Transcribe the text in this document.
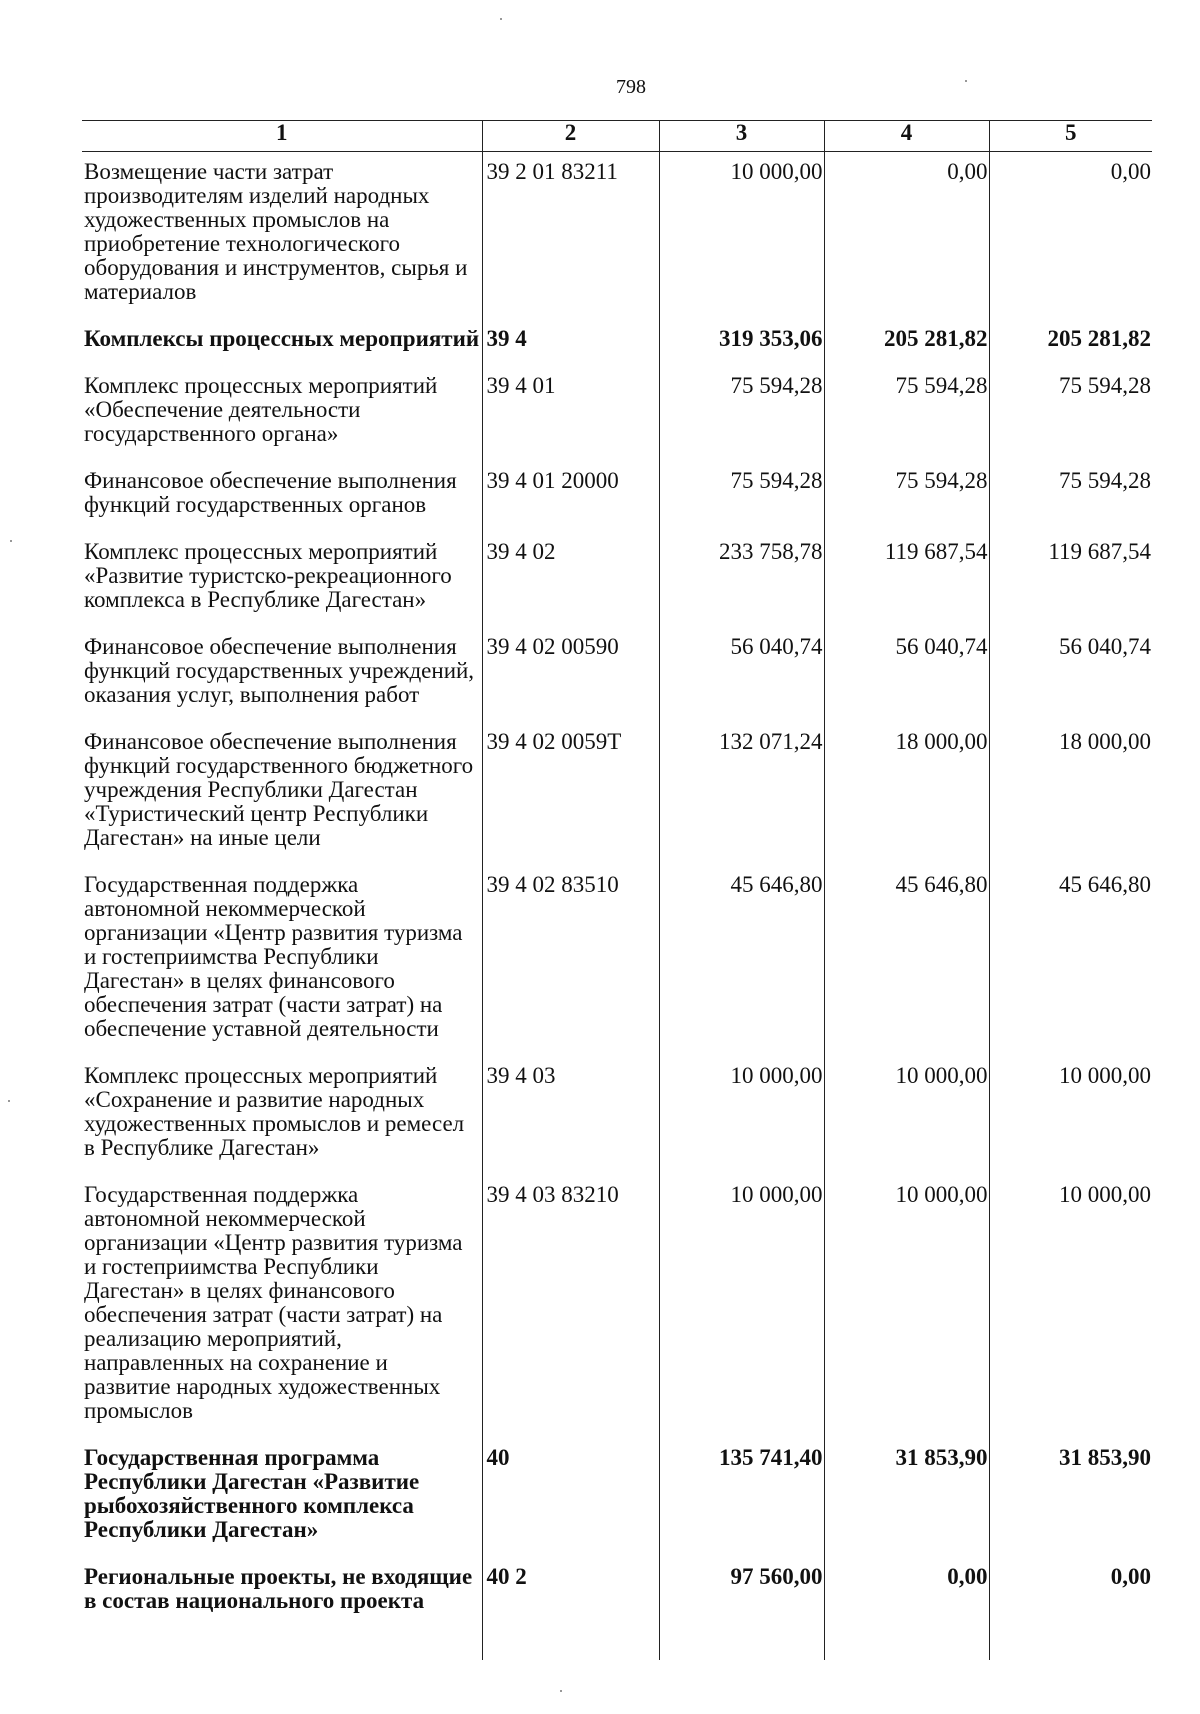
798
1	2	3	4	5
Возмещение части затрат производителям изделий народных художественных промыслов на приобретение технологического оборудования и инструментов, сырья и материалов	39 2 01 83211	10 000,00	0,00	0,00
Комплексы процессных мероприятий	39 4	319 353,06	205 281,82	205 281,82
Комплекс процессных мероприятий «Обеспечение деятельности государственного органа»	39 4 01	75 594,28	75 594,28	75 594,28
Финансовое обеспечение выполнения функций государственных органов	39 4 01 20000	75 594,28	75 594,28	75 594,28
Комплекс процессных мероприятий «Развитие туристско-рекреационного комплекса в Республике Дагестан»	39 4 02	233 758,78	119 687,54	119 687,54
Финансовое обеспечение выполнения функций государственных учреждений, оказания услуг, выполнения работ	39 4 02 00590	56 040,74	56 040,74	56 040,74
Финансовое обеспечение выполнения функций государственного бюджетного учреждения Республики Дагестан «Туристический центр Республики Дагестан» на иные цели	39 4 02 0059Т	132 071,24	18 000,00	18 000,00
Государственная поддержка автономной некоммерческой организации «Центр развития туризма и гостеприимства Республики Дагестан» в целях финансового обеспечения затрат (части затрат) на обеспечение уставной деятельности	39 4 02 83510	45 646,80	45 646,80	45 646,80
Комплекс процессных мероприятий «Сохранение и развитие народных художественных промыслов и ремесел в Республике Дагестан»	39 4 03	10 000,00	10 000,00	10 000,00
Государственная поддержка автономной некоммерческой организации «Центр развития туризма и гостеприимства Республики Дагестан» в целях финансового обеспечения затрат (части затрат) на реализацию мероприятий, направленных на сохранение и развитие народных художественных промыслов	39 4 03 83210	10 000,00	10 000,00	10 000,00
Государственная программа Республики Дагестан «Развитие рыбохозяйственного комплекса Республики Дагестан»	40	135 741,40	31 853,90	31 853,90
Региональные проекты, не входящие в состав национального проекта	40 2	97 560,00	0,00	0,00
